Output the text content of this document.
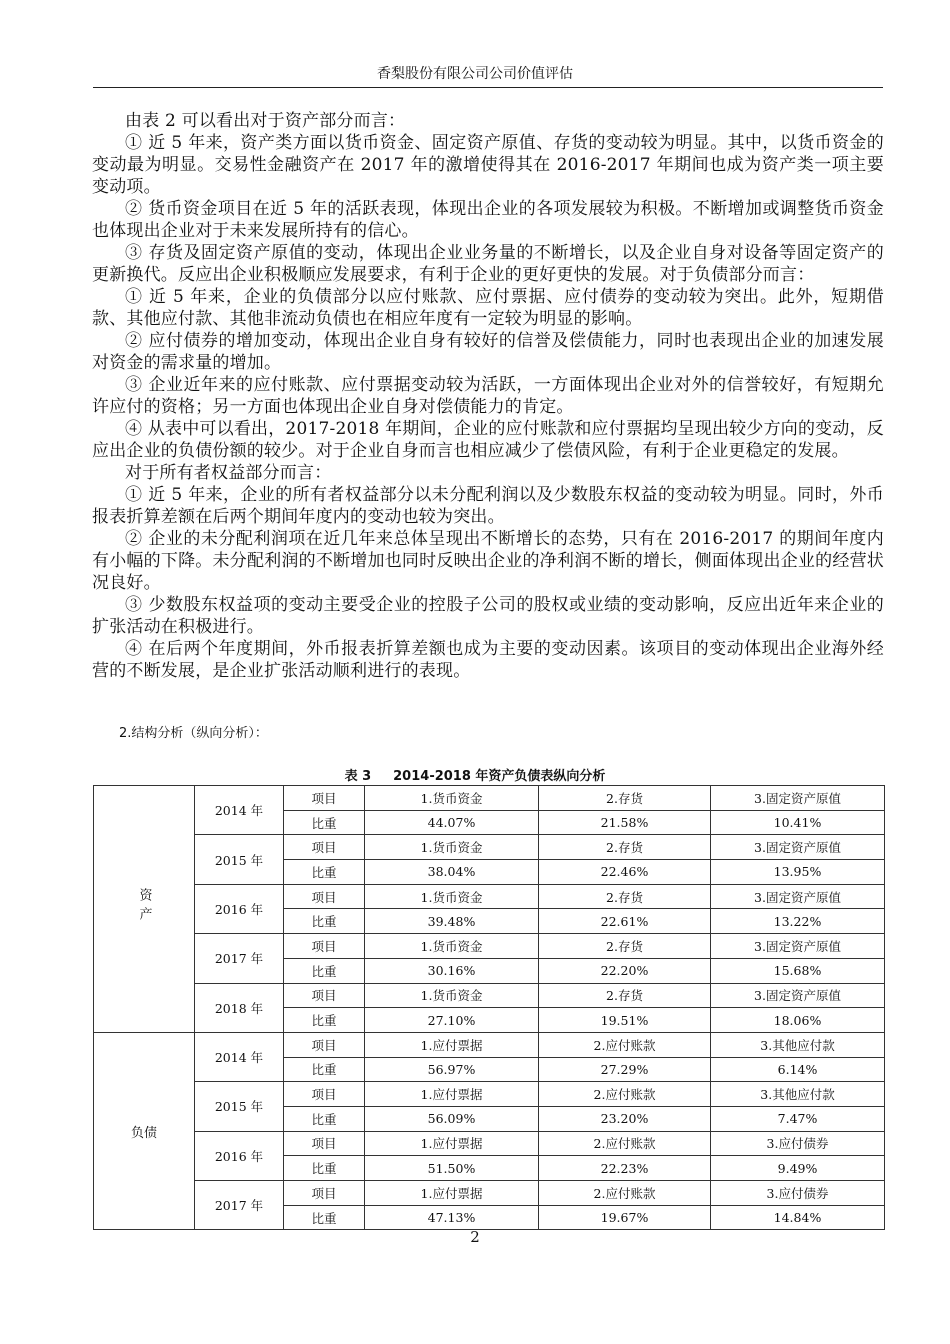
香梨股份有限公司公司价值评估

由表 2 可以看出对于资产部分而言：

① 近 5 年来，资产类方面以货币资金、固定资产原值、存货的变动较为明显。其中，以货币资金的变动最为明显。交易性金融资产在 2017 年的激增使得其在 2016-2017 年期间也成为资产类一项主要变动项。

② 货币资金项目在近 5 年的活跃表现，体现出企业的各项发展较为积极。不断增加或调整货币资金也体现出企业对于未来发展所持有的信心。

③ 存货及固定资产原值的变动，体现出企业业务量的不断增长，以及企业自身对设备等固定资产的更新换代。反应出企业积极顺应发展要求，有利于企业的更好更快的发展。对于负债部分而言：

① 近 5 年来，企业的负债部分以应付账款、应付票据、应付债券的变动较为突出。此外，短期借款、其他应付款、其他非流动负债也在相应年度有一定较为明显的影响。

② 应付债券的增加变动，体现出企业自身有较好的信誉及偿债能力，同时也表现出企业的加速发展对资金的需求量的增加。

③ 企业近年来的应付账款、应付票据变动较为活跃，一方面体现出企业对外的信誉较好，有短期允许应付的资格；另一方面也体现出企业自身对偿债能力的肯定。

④ 从表中可以看出，2017-2018 年期间，企业的应付账款和应付票据均呈现出较少方向的变动，反应出企业的负债份额的较少。对于企业自身而言也相应减少了偿债风险，有利于企业更稳定的发展。

对于所有者权益部分而言：

① 近 5 年来，企业的所有者权益部分以未分配利润以及少数股东权益的变动较为明显。同时，外币报表折算差额在后两个期间年度内的变动也较为突出。

② 企业的未分配利润项在近几年来总体呈现出不断增长的态势，只有在 2016-2017 的期间年度内有小幅的下降。未分配利润的不断增加也同时反映出企业的净利润不断的增长，侧面体现出企业的经营状况良好。

③ 少数股东权益项的变动主要受企业的控股子公司的股权或业绩的变动影响，反应出近年来企业的扩张活动在积极进行。

④ 在后两个年度期间，外币报表折算差额也成为主要的变动因素。该项目的变动体现出企业海外经营的不断发展，是企业扩张活动顺利进行的表现。

2.结构分析（纵向分析）：
表 3 2014-2018 年资产负债表纵向分析
资产	2014 年	项目	1.货币资金	2.存货	3.固定资产原值
		比重	44.07%	21.58%	10.41%
	2015 年	项目	1.货币资金	2.存货	3.固定资产原值
		比重	38.04%	22.46%	13.95%
	2016 年	项目	1.货币资金	2.存货	3.固定资产原值
		比重	39.48%	22.61%	13.22%
	2017 年	项目	1.货币资金	2.存货	3.固定资产原值
		比重	30.16%	22.20%	15.68%
	2018 年	项目	1.货币资金	2.存货	3.固定资产原值
		比重	27.10%	19.51%	18.06%
负债	2014 年	项目	1.应付票据	2.应付账款	3.其他应付款
		比重	56.97%	27.29%	6.14%
	2015 年	项目	1.应付票据	2.应付账款	3.其他应付款
		比重	56.09%	23.20%	7.47%
	2016 年	项目	1.应付票据	2.应付账款	3.应付债券
		比重	51.50%	22.23%	9.49%
	2017 年	项目	1.应付票据	2.应付账款	3.应付债券
		比重	47.13%	19.67%	14.84%
2
